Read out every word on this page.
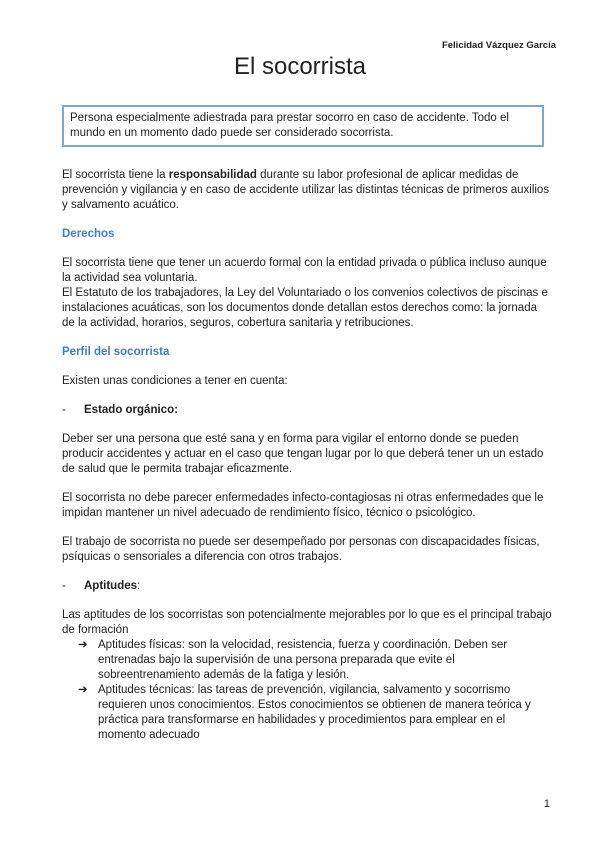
Felicidad Vázquez García
El socorrista
Persona especialmente adiestrada para prestar socorro en caso de accidente. Todo el mundo en un momento dado puede ser considerado socorrista.

El socorrista tiene la responsabilidad durante su labor profesional de aplicar medidas de prevención y vigilancia y en caso de accidente utilizar las distintas técnicas de primeros auxilios y salvamento acuático.

Derechos

El socorrista tiene que tener un acuerdo formal con la entidad privada o pública incluso aunque la actividad sea voluntaria.

El Estatuto de los trabajadores, la Ley del Voluntariado o los convenios colectivos de piscinas e instalaciones acuáticas, son los documentos donde detallan estos derechos como: la jornada de la actividad, horarios, seguros, cobertura sanitaria y retribuciones.

Perfil del socorrista

Existen unas condiciones a tener en cuenta:

- Estado orgánico:

Deber ser una persona que esté sana y en forma para vigilar el entorno donde se pueden producir accidentes y actuar en el caso que tengan lugar por lo que deberá tener un un estado de salud que le permita trabajar eficazmente.

El socorrista no debe parecer enfermedades infecto-contagiosas ni otras enfermedades que le impidan mantener un nivel adecuado de rendimiento físico, técnico o psicológico.

El trabajo de socorrista no puede ser desempeñado por personas con discapacidades físicas, psíquicas o sensoriales a diferencia con otros trabajos.

- Aptitudes:

Las aptitudes de los socorristas son potencialmente mejorables por lo que es el principal trabajo de formación

➔ Aptitudes físicas: son la velocidad, resistencia, fuerza y coordinación. Deben ser entrenadas bajo la supervisión de una persona preparada que evite el sobreentrenamiento además de la fatiga y lesión.
➔ Aptitudes técnicas: las tareas de prevención, vigilancia, salvamento y socorrismo requieren unos conocimientos. Estos conocimientos se obtienen de manera teórica y práctica para transformarse en habilidades y procedimientos para emplear en el momento adecuado
1
